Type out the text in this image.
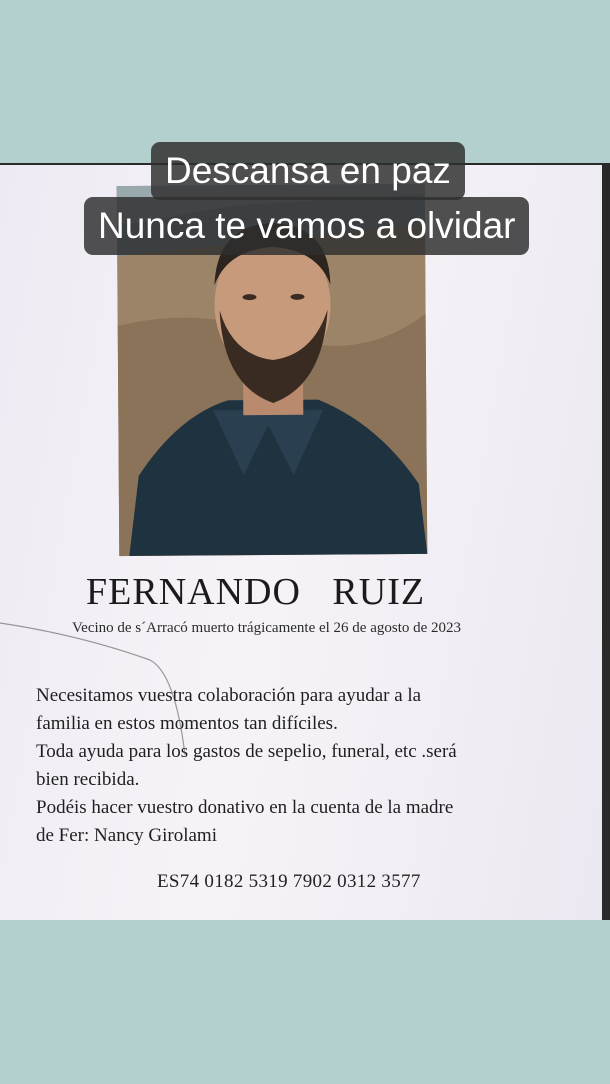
FERNANDO   RUIZ
Vecino de s´Arracó muerto trágicamente el 26 de agosto de 2023
Necesitamos vuestra colaboración para ayudar a la
familia en estos momentos tan difíciles.
Toda ayuda para los gastos de sepelio, funeral, etc .será
bien recibida.
Podéis hacer vuestro donativo en la cuenta de la madre
de Fer: Nancy Girolami
ES74 0182 5319 7902 0312 3577
Descansa en paz
Nunca te vamos a olvidar
